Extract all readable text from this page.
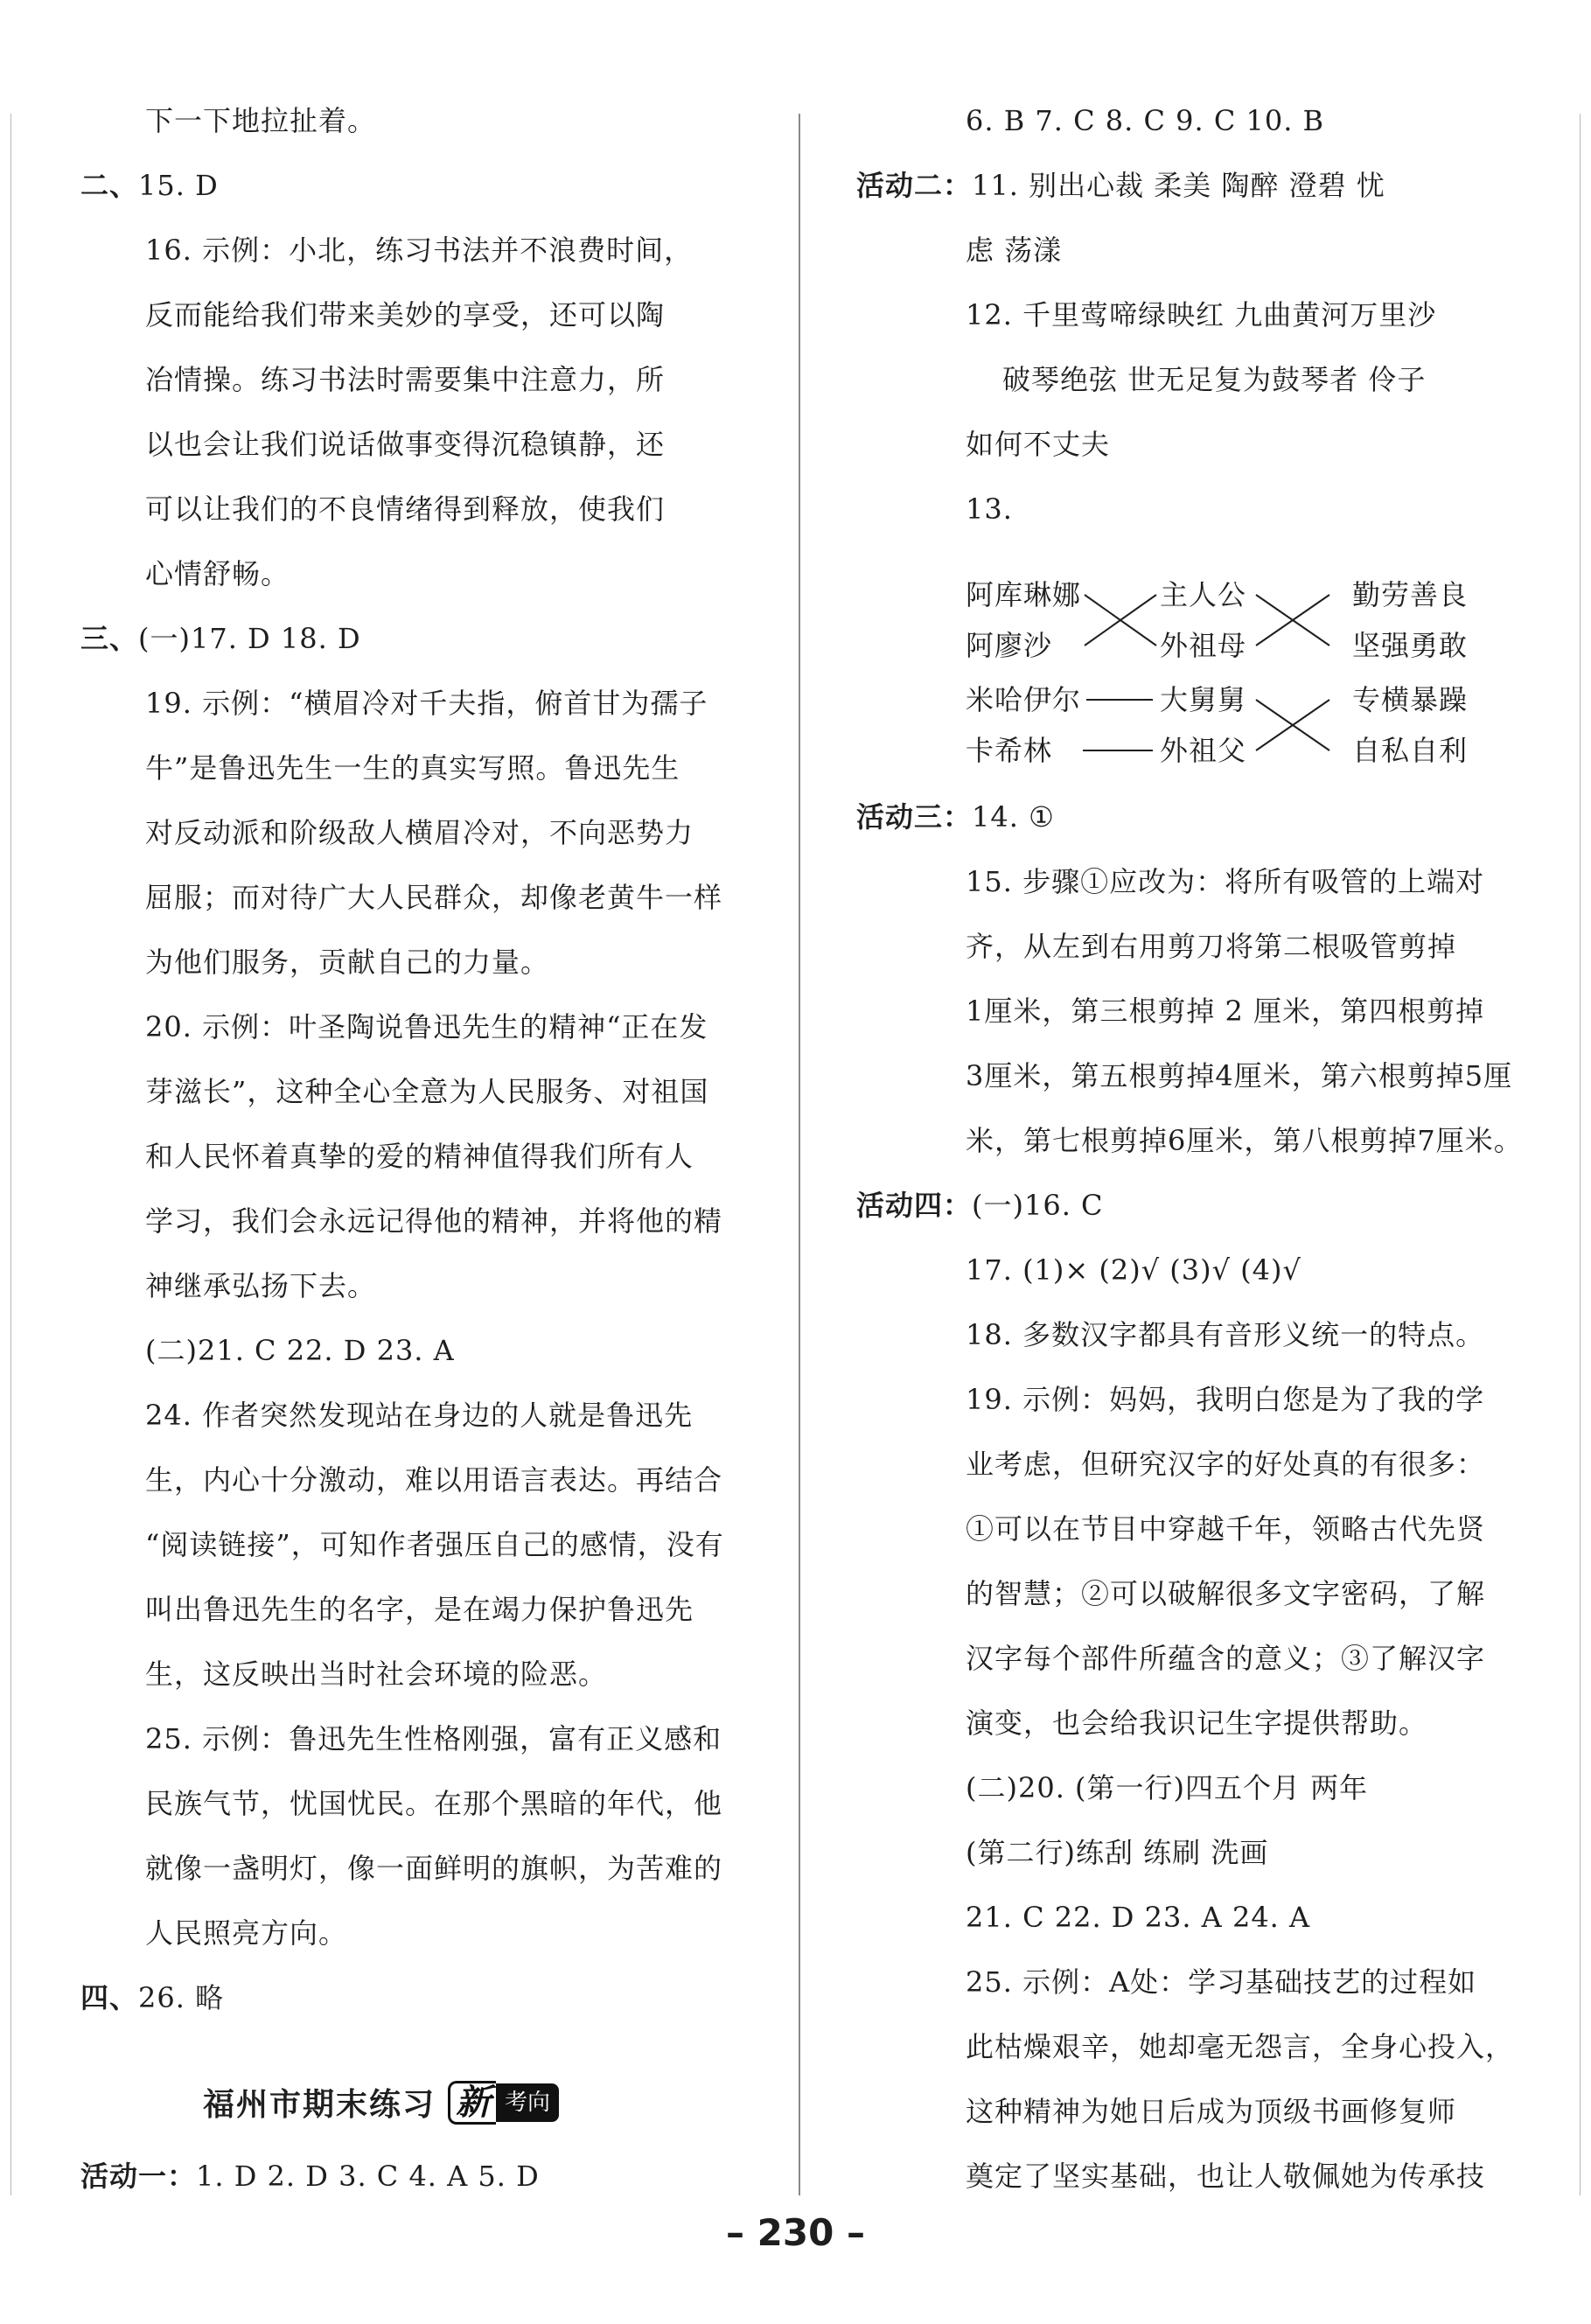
下一下地拉扯着。
二、15. D
16. 示例：小北，练习书法并不浪费时间，
反而能给我们带来美妙的享受，还可以陶
冶情操。练习书法时需要集中注意力，所
以也会让我们说话做事变得沉稳镇静，还
可以让我们的不良情绪得到释放，使我们
心情舒畅。
三、(一)17. D 18. D
19. 示例：“横眉冷对千夫指，俯首甘为孺子
牛”是鲁迅先生一生的真实写照。鲁迅先生
对反动派和阶级敌人横眉冷对，不向恶势力
屈服；而对待广大人民群众，却像老黄牛一样
为他们服务，贡献自己的力量。
20. 示例：叶圣陶说鲁迅先生的精神“正在发
芽滋长”，这种全心全意为人民服务、对祖国
和人民怀着真挚的爱的精神值得我们所有人
学习，我们会永远记得他的精神，并将他的精
神继承弘扬下去。
(二)21. C 22. D 23. A
24. 作者突然发现站在身边的人就是鲁迅先
生，内心十分激动，难以用语言表达。再结合
“阅读链接”，可知作者强压自己的感情，没有
叫出鲁迅先生的名字，是在竭力保护鲁迅先
生，这反映出当时社会环境的险恶。
25. 示例：鲁迅先生性格刚强，富有正义感和
民族气节，忧国忧民。在那个黑暗的年代，他
就像一盏明灯，像一面鲜明的旗帜，为苦难的
人民照亮方向。
四、26. 略
活动一：1. D 2. D 3. C 4. A 5. D
福州市期末练习 新 考向
6. B 7. C 8. C 9. C 10. B
活动二：11. 别出心裁 柔美 陶醉 澄碧 忧
虑 荡漾
12. 千里莺啼绿映红 九曲黄河万里沙
破琴绝弦 世无足复为鼓琴者 伶子
如何不丈夫
13.
阿库琳娜
阿廖沙
米哈伊尔
卡希林
主人公
外祖母
大舅舅
外祖父
勤劳善良
坚强勇敢
专横暴躁
自私自利
活动三：14. ①
15. 步骤①应改为：将所有吸管的上端对
齐，从左到右用剪刀将第二根吸管剪掉
1厘米，第三根剪掉 2 厘米，第四根剪掉
3厘米，第五根剪掉4厘米，第六根剪掉5厘
米，第七根剪掉6厘米，第八根剪掉7厘米。
活动四：(一)16. C
17. (1)× (2)√ (3)√ (4)√
18. 多数汉字都具有音形义统一的特点。
19. 示例：妈妈，我明白您是为了我的学
业考虑，但研究汉字的好处真的有很多：
①可以在节目中穿越千年，领略古代先贤
的智慧；②可以破解很多文字密码，了解
汉字每个部件所蕴含的意义；③了解汉字
演变，也会给我识记生字提供帮助。
(二)20. (第一行)四五个月 两年
(第二行)练刮 练刷 洗画
21. C 22. D 23. A 24. A
25. 示例：A处：学习基础技艺的过程如
此枯燥艰辛，她却毫无怨言，全身心投入，
这种精神为她日后成为顶级书画修复师
奠定了坚实基础，也让人敬佩她为传承技
– 230 –
